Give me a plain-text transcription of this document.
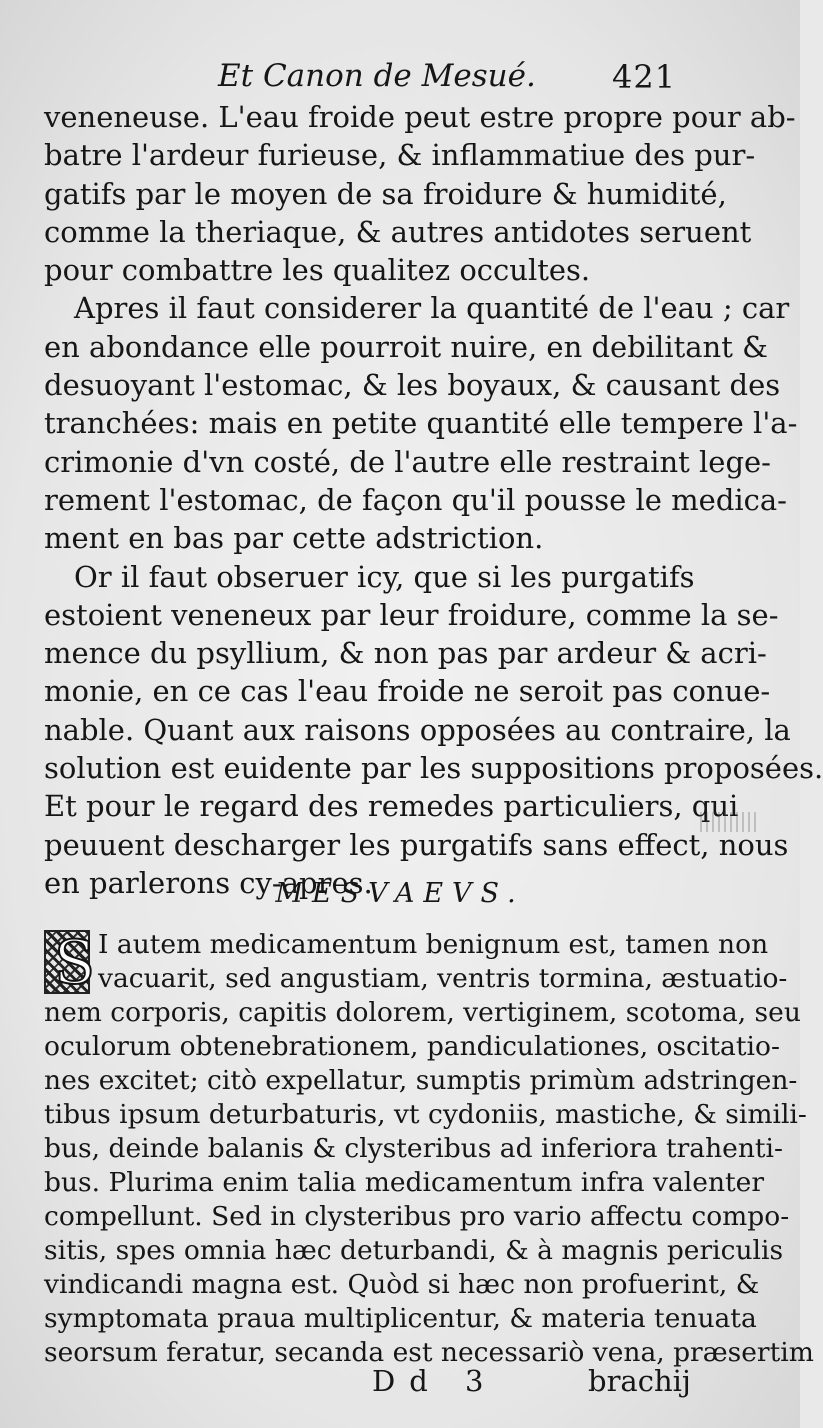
Et Canon de Mesué. 421
veneneuse. L'eau froide peut estre propre pour ab-
batre l'ardeur furieuse, & inflammatiue des pur-
gatifs par le moyen de sa froidure & humidité,
comme la theriaque, & autres antidotes seruent
pour combattre les qualitez occultes.
Apres il faut considerer la quantité de l'eau ; car
en abondance elle pourroit nuire, en debilitant &
desuoyant l'estomac, & les boyaux, & causant des
tranchées: mais en petite quantité elle tempere l'a-
crimonie d'vn costé, de l'autre elle restraint lege-
rement l'estomac, de façon qu'il pousse le medica-
ment en bas par cette adstriction.
Or il faut obseruer icy, que si les purgatifs
estoient veneneux par leur froidure, comme la se-
mence du psyllium, & non pas par ardeur & acri-
monie, en ce cas l'eau froide ne seroit pas conue-
nable. Quant aux raisons opposées au contraire, la
solution est euidente par les suppositions proposées.
Et pour le regard des remedes particuliers, qui
peuuent descharger les purgatifs sans effect, nous
en parlerons cy-apres.
MESVAEVS.
S I autem medicamentum benignum est, tamen non
vacuarit, sed angustiam, ventris tormina, æstuatio-
nem corporis, capitis dolorem, vertiginem, scotoma, seu
oculorum obtenebrationem, pandiculationes, oscitatio-
nes excitet; citò expellatur, sumptis primùm adstringen-
tibus ipsum deturbaturis, vt cydoniis, mastiche, & simili-
bus, deinde balanis & clysteribus ad inferiora trahenti-
bus. Plurima enim talia medicamentum infra valenter
compellunt. Sed in clysteribus pro vario affectu compo-
sitis, spes omnia hæc deturbandi, & à magnis periculis
vindicandi magna est. Quòd si hæc non profuerint, &
symptomata praua multiplicentur, & materia tenuata
seorsum feratur, secanda est necessariò vena, præsertim
Dd 3	brachij
